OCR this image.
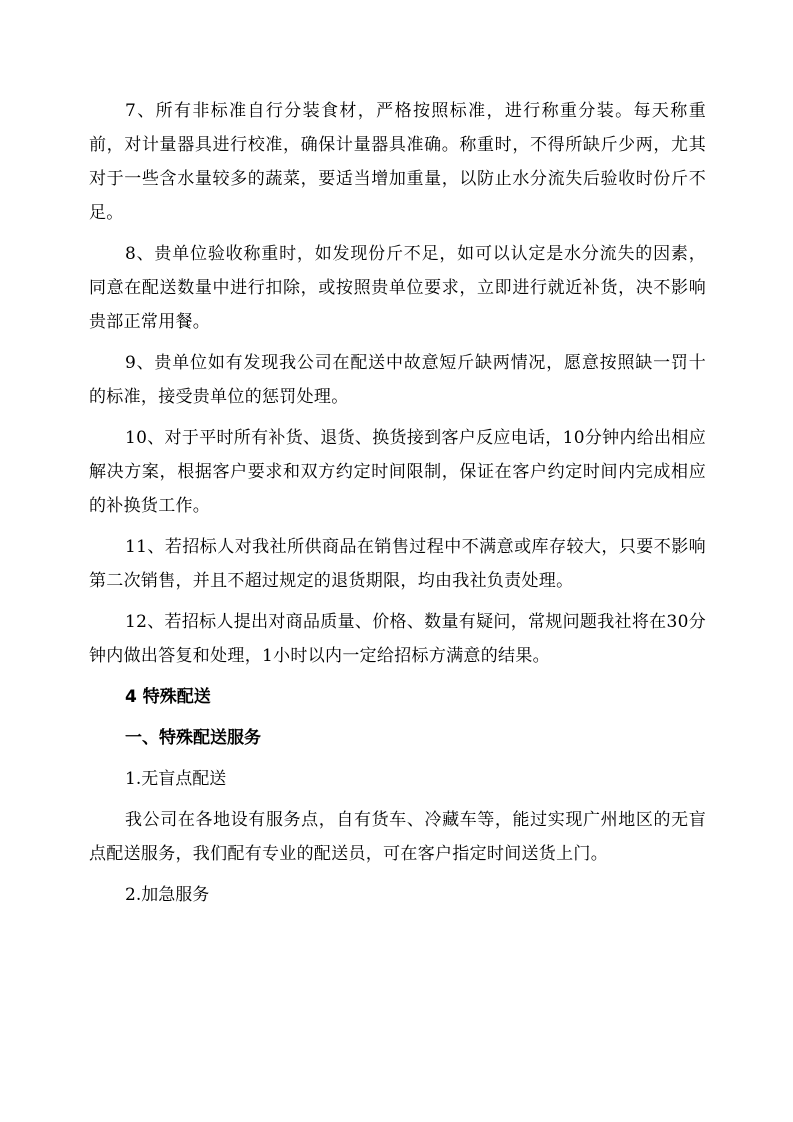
7、所有非标准自行分装食材，严格按照标准，进行称重分装。每天称重前，对计量器具进行校准，确保计量器具准确。称重时，不得所缺斤少两，尤其对于一些含水量较多的蔬菜，要适当增加重量，以防止水分流失后验收时份斤不足。

8、贵单位验收称重时，如发现份斤不足，如可以认定是水分流失的因素，同意在配送数量中进行扣除，或按照贵单位要求，立即进行就近补货，决不影响贵部正常用餐。

9、贵单位如有发现我公司在配送中故意短斤缺两情况，愿意按照缺一罚十的标准，接受贵单位的惩罚处理。

10、对于平时所有补货、退货、换货接到客户反应电话，10分钟内给出相应解决方案，根据客户要求和双方约定时间限制，保证在客户约定时间内完成相应的补换货工作。

11、若招标人对我社所供商品在销售过程中不满意或库存较大，只要不影响第二次销售，并且不超过规定的退货期限，均由我社负责处理。

12、若招标人提出对商品质量、价格、数量有疑问，常规问题我社将在30分钟内做出答复和处理，1小时以内一定给招标方满意的结果。

4 特殊配送

一、特殊配送服务

1.无盲点配送

我公司在各地设有服务点，自有货车、冷藏车等，能过实现广州地区的无盲点配送服务，我们配有专业的配送员，可在客户指定时间送货上门。

2.加急服务
